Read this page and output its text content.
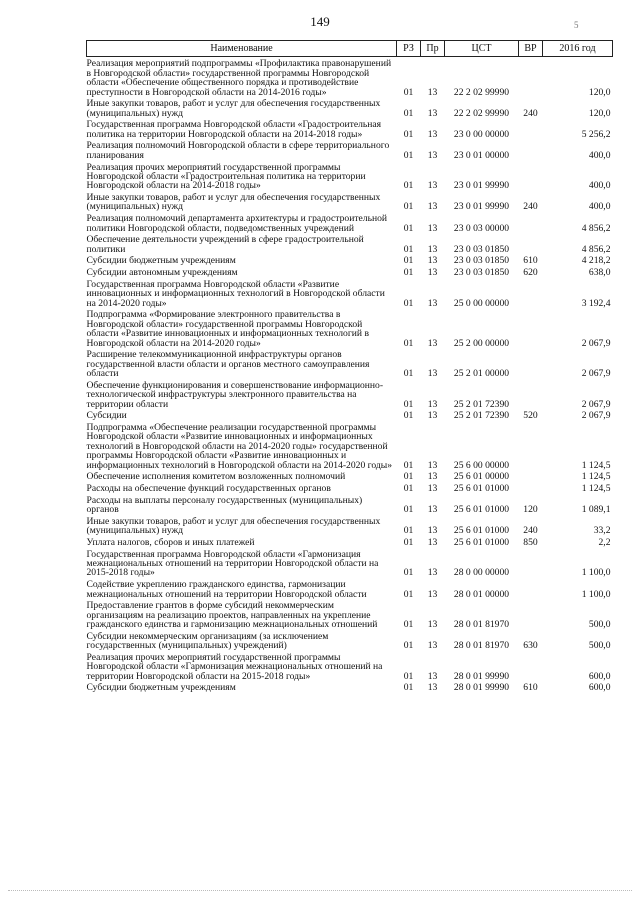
149	5
Наименование	РЗ	Пр	ЦСТ	ВР	2016 год
Реализация мероприятий подпрограммы «Профилактика правонарушений в Новгородской области» государственной программы Новгородской области «Обеспечение общественного порядка и противодействие преступности в Новгородской области на 2014-2016 годы»	01	13	22 2 02 99990		120,0
Иные закупки товаров, работ и услуг для обеспечения государственных (муниципальных) нужд	01	13	22 2 02 99990	240	120,0
Государственная программа Новгородской области «Градостроительная политика на территории Новгородской области на 2014-2018 годы»	01	13	23 0 00 00000		5 256,2
Реализация полномочий Новгородской области в сфере территориального планирования	01	13	23 0 01 00000		400,0
Реализация прочих мероприятий государственной программы Новгородской области «Градостроительная политика на территории Новгородской области на 2014-2018 годы»	01	13	23 0 01 99990		400,0
Иные закупки товаров, работ и услуг для обеспечения государственных (муниципальных) нужд	01	13	23 0 01 99990	240	400,0
Реализация полномочий департамента архитектуры и градостроительной политики Новгородской области, подведомственных учреждений	01	13	23 0 03 00000		4 856,2
Обеспечение деятельности учреждений в сфере градостроительной политики	01	13	23 0 03 01850		4 856,2
Субсидии бюджетным учреждениям	01	13	23 0 03 01850	610	4 218,2
Субсидии автономным учреждениям	01	13	23 0 03 01850	620	638,0
Государственная программа Новгородской области «Развитие инновационных и информационных технологий в Новгородской области на 2014-2020 годы»	01	13	25 0 00 00000		3 192,4
Подпрограмма «Формирование электронного правительства в Новгородской области» государственной программы Новгородской области «Развитие инновационных и информационных технологий в Новгородской области на 2014-2020 годы»	01	13	25 2 00 00000		2 067,9
Расширение телекоммуникационной инфраструктуры органов государственной власти области и органов местного самоуправления области	01	13	25 2 01 00000		2 067,9
Обеспечение функционирования и совершенствование информационно-технологической инфраструктуры электронного правительства на территории области	01	13	25 2 01 72390		2 067,9
Субсидии	01	13	25 2 01 72390	520	2 067,9
Подпрограмма «Обеспечение реализации государственной программы Новгородской области «Развитие инновационных и информационных технологий в Новгородской области на 2014-2020 годы» государственной программы Новгородской области «Развитие инновационных и информационных технологий в Новгородской области на 2014-2020 годы»	01	13	25 6 00 00000		1 124,5
Обеспечение исполнения комитетом возложенных полномочий	01	13	25 6 01 00000		1 124,5
Расходы на обеспечение функций государственных органов	01	13	25 6 01 01000		1 124,5
Расходы на выплаты персоналу государственных (муниципальных) органов	01	13	25 6 01 01000	120	1 089,1
Иные закупки товаров, работ и услуг для обеспечения государственных (муниципальных) нужд	01	13	25 6 01 01000	240	33,2
Уплата налогов, сборов и иных платежей	01	13	25 6 01 01000	850	2,2
Государственная программа Новгородской области «Гармонизация межнациональных отношений на территории Новгородской области на 2015-2018 годы»	01	13	28 0 00 00000		1 100,0
Содействие укреплению гражданского единства, гармонизации межнациональных отношений на территории Новгородской области	01	13	28 0 01 00000		1 100,0
Предоставление грантов в форме субсидий некоммерческим организациям на реализацию проектов, направленных на укрепление гражданского единства и гармонизацию межнациональных отношений	01	13	28 0 01 81970		500,0
Субсидии некоммерческим организациям (за исключением государственных (муниципальных) учреждений)	01	13	28 0 01 81970	630	500,0
Реализация прочих мероприятий государственной программы Новгородской области «Гармонизация межнациональных отношений на территории Новгородской области на 2015-2018 годы»	01	13	28 0 01 99990		600,0
Субсидии бюджетным учреждениям	01	13	28 0 01 99990	610	600,0
